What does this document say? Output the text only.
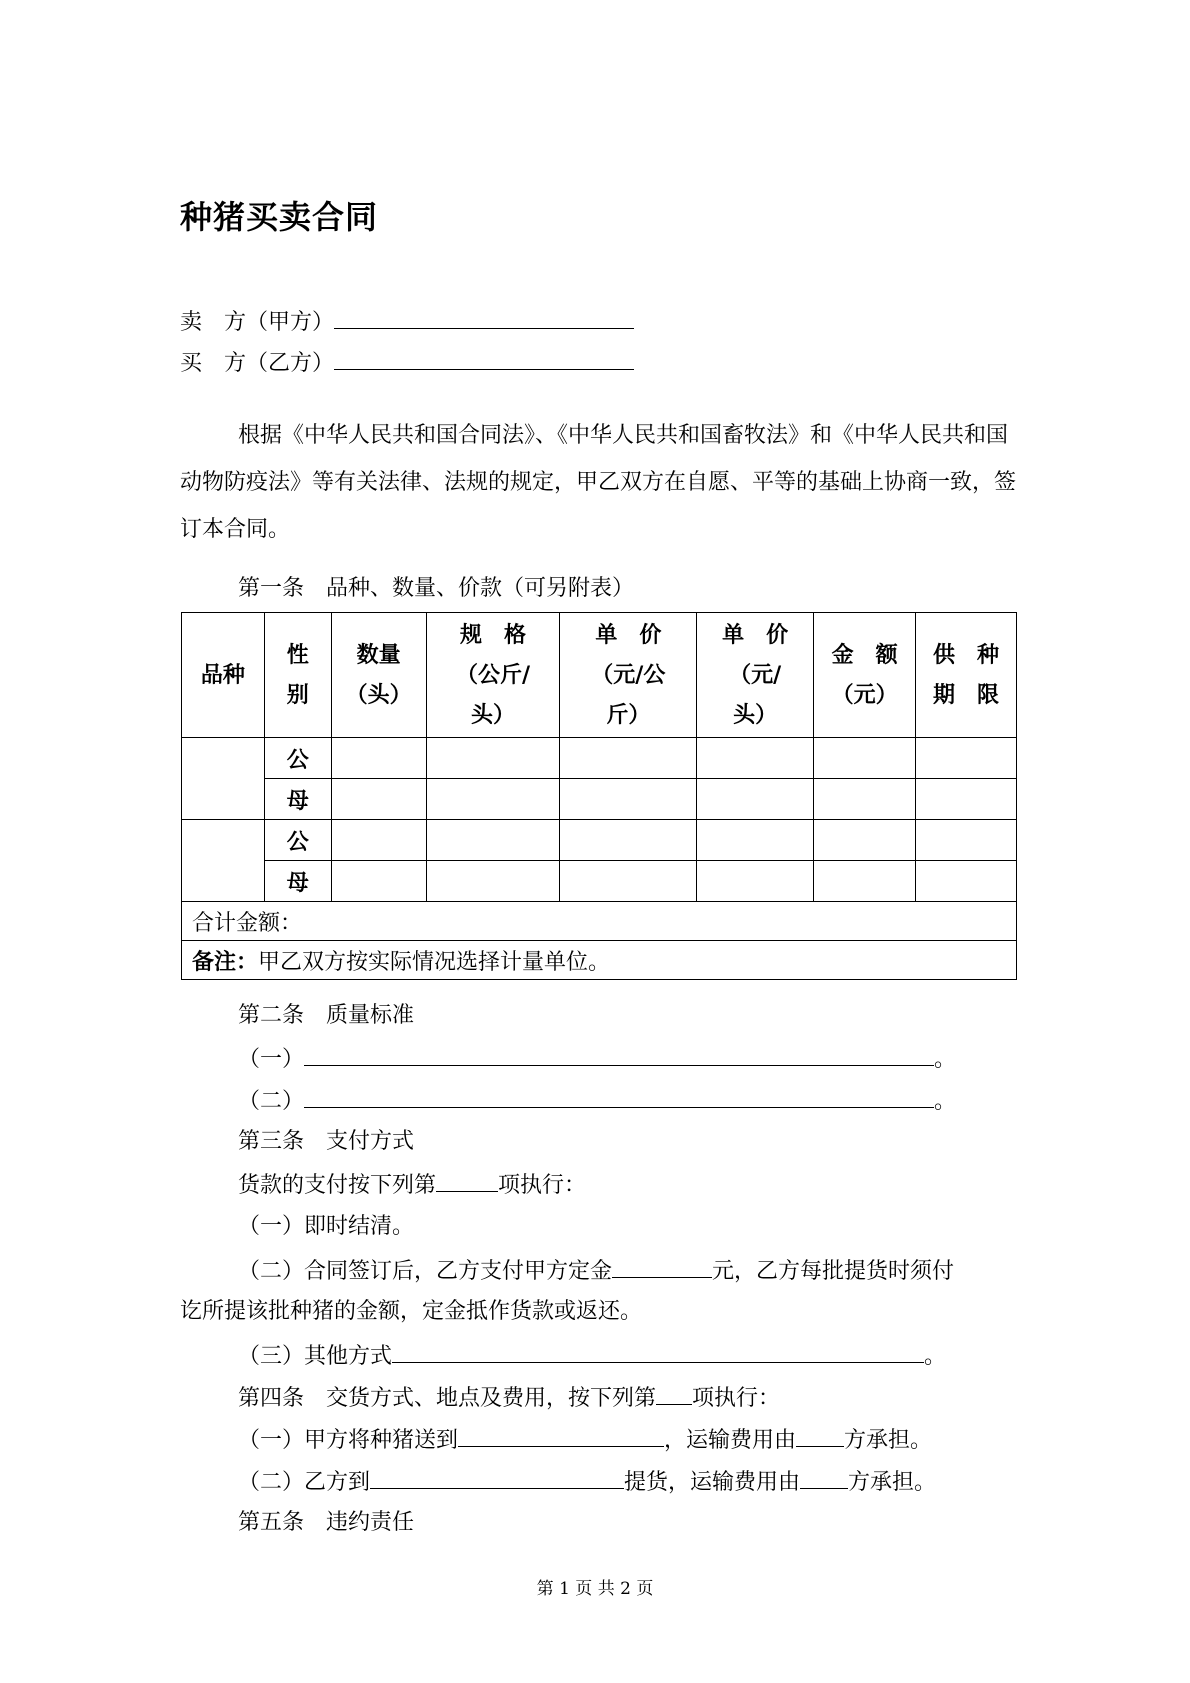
种猪买卖合同
卖　方（甲方）
买　方（乙方）

根据《中华人民共和国合同法》、《中华人民共和国畜牧法》和《中华人民共和国动物防疫法》等有关法律、法规的规定，甲乙双方在自愿、平等的基础上协商一致，签订本合同。

第一条　品种、数量、价款（可另附表）
品种	性别	数量（头）	规　格（公斤/头）	单　价（元/公斤）	单　价（元/头）	金　额（元）	供　种期　限
	公						
	母						
	公						
	母						
合计金额：							
备注：甲乙双方按实际情况选择计量单位。							
第二条　质量标准
（一）	。
（二）	。
第三条　支付方式
货款的支付按下列第	项执行：
（一）即时结清。
（二）合同签订后，乙方支付甲方定金	元，乙方每批提货时须付
讫所提该批种猪的金额，定金抵作货款或返还。
（三）其他方式	。
第四条　交货方式、地点及费用，按下列第 项执行：
（一）甲方将种猪送到	，运输费用由 方承担。
（二）乙方到	提货，运输费用由 方承担。
第五条　违约责任
第 1 页 共 2 页
